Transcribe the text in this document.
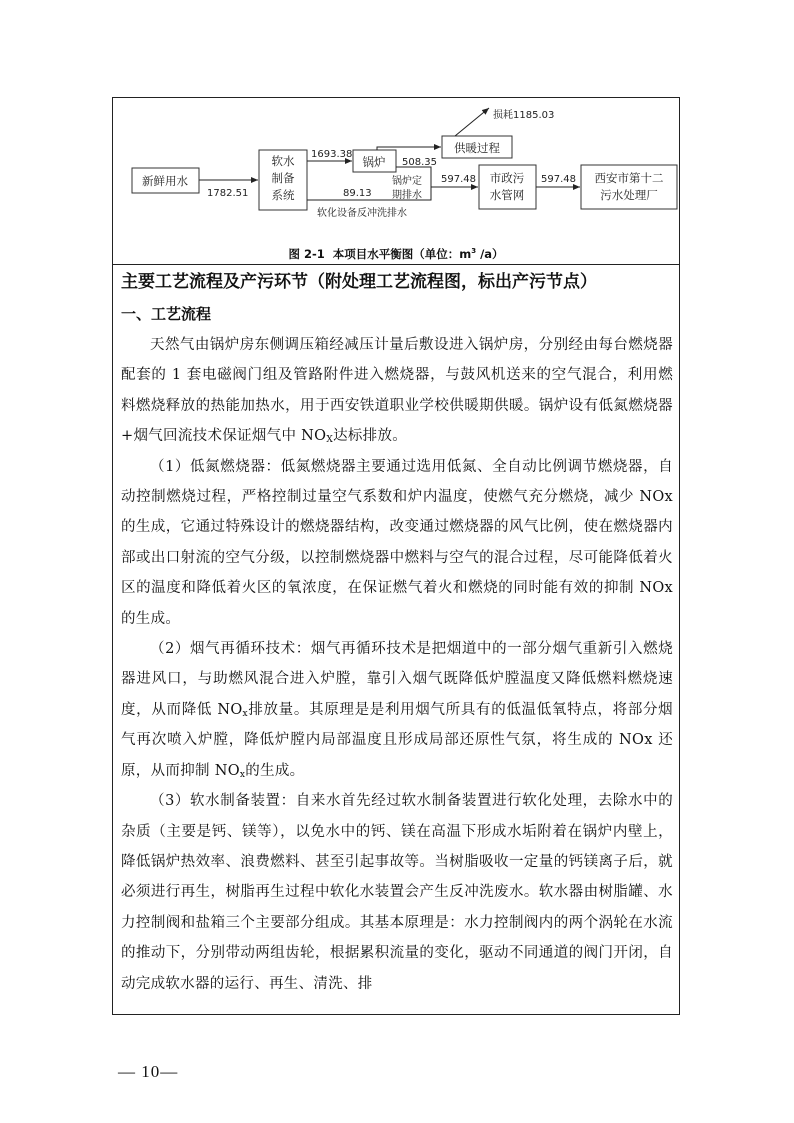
新鲜用水
软水
制备
系统
锅炉
供暖过程
市政污
水管网
西安市第十二
污水处理厂
损耗1185.03
1782.51
1693.38
508.35
锅炉定
期排水
89.13
软化设备反冲洗排水
597.48	597.48
图 2-1 本项目水平衡图（单位：$m^3$ /a）
主要工艺流程及产污环节（附处理工艺流程图，标出产污节点）
一、工艺流程

天然气由锅炉房东侧调压箱经减压计量后敷设进入锅炉房，分别经由每台燃烧器配套的 1 套电磁阀门组及管路附件进入燃烧器，与鼓风机送来的空气混合，利用燃料燃烧释放的热能加热水，用于西安铁道职业学校供暖期供暖。锅炉设有低氮燃烧器+烟气回流技术保证烟气中 $NO_X$达标排放。

（1）低氮燃烧器：低氮燃烧器主要通过选用低氮、全自动比例调节燃烧器，自动控制燃烧过程，严格控制过量空气系数和炉内温度，使燃气充分燃烧，减少 NOx 的生成，它通过特殊设计的燃烧器结构，改变通过燃烧器的风气比例，使在燃烧器内部或出口射流的空气分级，以控制燃烧器中燃料与空气的混合过程，尽可能降低着火区的温度和降低着火区的氧浓度，在保证燃气着火和燃烧的同时能有效的抑制 NOx 的生成。

（2）烟气再循环技术：烟气再循环技术是把烟道中的一部分烟气重新引入燃烧器进风口，与助燃风混合进入炉膛，靠引入烟气既降低炉膛温度又降低燃料燃烧速度，从而降低 $NO_x$排放量。其原理是是利用烟气所具有的低温低氧特点，将部分烟气再次喷入炉膛，降低炉膛内局部温度且形成局部还原性气氛，将生成的 NOx 还原，从而抑制 $NO_x$的生成。

（3）软水制备装置：自来水首先经过软水制备装置进行软化处理，去除水中的杂质（主要是钙、镁等），以免水中的钙、镁在高温下形成水垢附着在锅炉内壁上，降低锅炉热效率、浪费燃料、甚至引起事故等。当树脂吸收一定量的钙镁离子后，就必须进行再生，树脂再生过程中软化水装置会产生反冲洗废水。软水器由树脂罐、水力控制阀和盐箱三个主要部分组成。其基本原理是：水力控制阀内的两个涡轮在水流的推动下，分别带动两组齿轮，根据累积流量的变化，驱动不同通道的阀门开闭，自动完成软水器的运行、再生、清洗、排

— 10—
